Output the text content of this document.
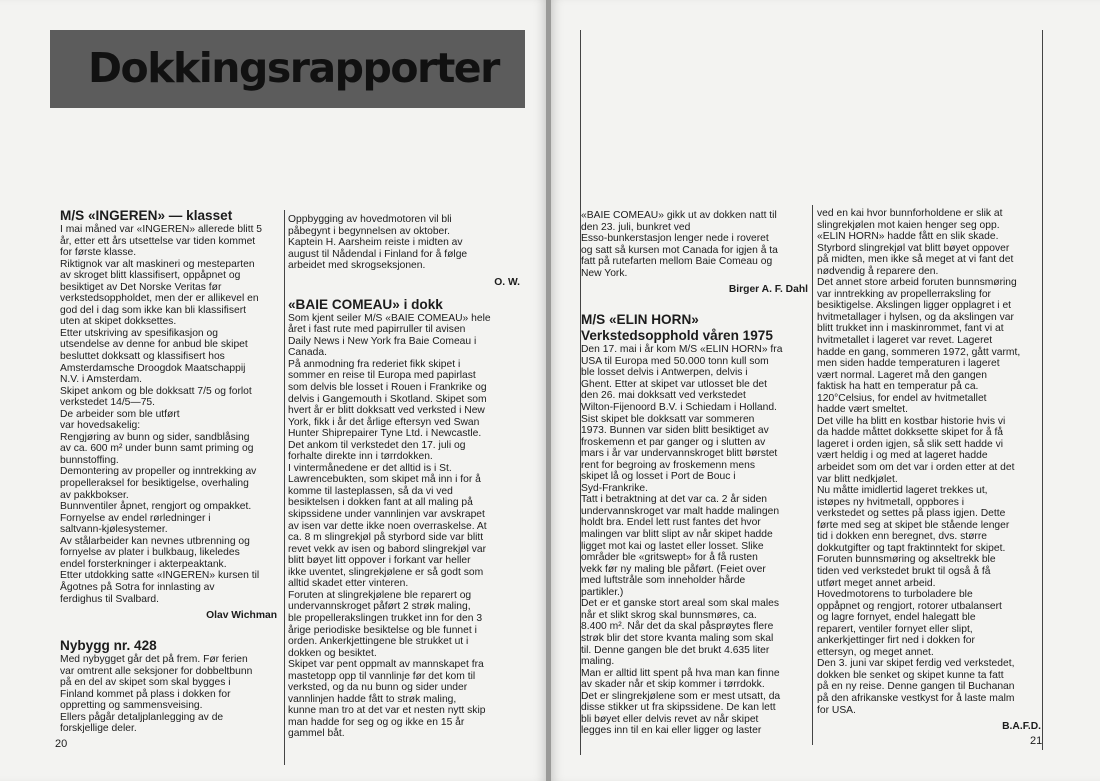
Dokkingsrapporter
M/S «INGEREN» — klasset

I mai måned var «INGEREN» allerede blitt 5
år, etter ett års utsettelse var tiden kommet
for første klasse.
Riktignok var alt maskineri og mesteparten
av skroget blitt klassifisert, oppåpnet og
besiktiget av Det Norske Veritas før
verkstedsoppholdet, men der er allikevel en
god del i dag som ikke kan bli klassifisert
uten at skipet dokksettes.
Etter utskriving av spesifikasjon og
utsendelse av denne for anbud ble skipet
besluttet dokksatt og klassifisert hos
Amsterdamsche Droogdok Maatschappij
N.V. i Amsterdam.
Skipet ankom og ble dokksatt 7/5 og forlot
verkstedet 14/5—75.
De arbeider som ble utført
var hovedsakelig:
Rengjøring av bunn og sider, sandblåsing
av ca. 600 m² under bunn samt priming og
bunnstoffing.
Demontering av propeller og inntrekking av
propelleraksel for besiktigelse, overhaling
av pakkbokser.
Bunnventiler åpnet, rengjort og ompakket.
Fornyelse av endel rørledninger i
saltvann-kjølesystemer.
Av stålarbeider kan nevnes utbrenning og
fornyelse av plater i bulkbaug, likeledes
endel forsterkninger i akterpeaktank.
Etter utdokking satte «INGEREN» kursen til
Ågotnes på Sotra for innlasting av
ferdighus til Svalbard.

Olav Wichman
Nybygg nr. 428

Med nybygget går det på frem. Før ferien
var omtrent alle seksjoner for dobbeltbunn
på en del av skipet som skal bygges i
Finland kommet på plass i dokken for
oppretting og sammensveising.
Ellers pågår detaljplanlegging av de
forskjellige deler.

Oppbygging av hovedmotoren vil bli
påbegynt i begynnelsen av oktober.
Kaptein H. Aarsheim reiste i midten av
august til Nådendal i Finland for å følge
arbeidet med skrogseksjonen.

O. W.
«BAIE COMEAU» i dokk

Som kjent seiler M/S «BAIE COMEAU» hele
året i fast rute med papirruller til avisen
Daily News i New York fra Baie Comeau i
Canada.
På anmodning fra rederiet fikk skipet i
sommer en reise til Europa med papirlast
som delvis ble losset i Rouen i Frankrike og
delvis i Gangemouth i Skotland. Skipet som
hvert år er blitt dokksatt ved verksted i New
York, fikk i år det årlige eftersyn ved Swan
Hunter Shiprepairer Tyne Ltd. i Newcastle.
Det ankom til verkstedet den 17. juli og
forhalte direkte inn i tørrdokken.
I vintermånedene er det alltid is i St.
Lawrencebukten, som skipet må inn i for å
komme til lasteplassen, så da vi ved
besiktelsen i dokken fant at all maling på
skipssidene under vannlinjen var avskrapet
av isen var dette ikke noen overraskelse. At
ca. 8 m slingrekjøl på styrbord side var blitt
revet vekk av isen og babord slingrekjøl var
blitt bøyet litt oppover i forkant var heller
ikke uventet, slingrekjølene er så godt som
alltid skadet etter vinteren.
Foruten at slingrekjølene ble reparert og
undervannskroget påført 2 strøk maling,
ble propellerakslingen trukket inn for den 3
årige periodiske besiktelse og ble funnet i
orden. Ankerkjettingene ble strukket ut i
dokken og besiktet.
Skipet var pent oppmalt av mannskapet fra
mastetopp opp til vannlinje før det kom til
verksted, og da nu bunn og sider under
vannlinjen hadde fått to strøk maling,
kunne man tro at det var et nesten nytt skip
man hadde for seg og og ikke en 15 år
gammel båt.

20

«BAIE COMEAU» gikk ut av dokken natt til
den 23. juli, bunkret ved
Esso-bunkerstasjon lenger nede i roveret
og satt så kursen mot Canada for igjen å ta
fatt på rutefarten mellom Baie Comeau og
New York.

Birger A. F. Dahl
M/S «ELIN HORN»
Verkstedsopphold våren 1975

Den 17. mai i år kom M/S «ELIN HORN» fra
USA til Europa med 50.000 tonn kull som
ble losset delvis i Antwerpen, delvis i
Ghent. Etter at skipet var utlosset ble det
den 26. mai dokksatt ved verkstedet
Wilton-Fijenoord B.V. i Schiedam i Holland.
Sist skipet ble dokksatt var sommeren
1973. Bunnen var siden blitt besiktiget av
froskemenn et par ganger og i slutten av
mars i år var undervannskroget blitt børstet
rent for begroing av froskemenn mens
skipet lå og losset i Port de Bouc i
Syd-Frankrike.
Tatt i betraktning at det var ca. 2 år siden
undervannskroget var malt hadde malingen
holdt bra. Endel lett rust fantes det hvor
malingen var blitt slipt av når skipet hadde
ligget mot kai og lastet eller losset. Slike
områder ble «gritswept» for å få rusten
vekk før ny maling ble påført. (Feiet over
med luftstråle som inneholder hårde
partikler.)
Det er et ganske stort areal som skal males
når et slikt skrog skal bunnsmøres, ca.
8.400 m². Når det da skal påsprøytes flere
strøk blir det store kvanta maling som skal
til. Denne gangen ble det brukt 4.635 liter
maling.
Man er alltid litt spent på hva man kan finne
av skader når et skip kommer i tørrdokk.
Det er slingrekjølene som er mest utsatt, da
disse stikker ut fra skipssidene. De kan lett
bli bøyet eller delvis revet av når skipet
legges inn til en kai eller ligger og laster

ved en kai hvor bunnforholdene er slik at
slingrekjølen mot kaien henger seg opp.
«ELIN HORN» hadde fått en slik skade.
Styrbord slingrekjøl vat blitt bøyet oppover
på midten, men ikke så meget at vi fant det
nødvendig å reparere den.
Det annet store arbeid foruten bunnsmøring
var inntrekking av propellerraksling for
besiktigelse. Akslingen ligger opplagret i et
hvitmetallager i hylsen, og da akslingen var
blitt trukket inn i maskinrommet, fant vi at
hvitmetallet i lageret var revet. Lageret
hadde en gang, sommeren 1972, gått varmt,
men siden hadde temperaturen i lageret
vært normal. Lageret må den gangen
faktisk ha hatt en temperatur på ca.
120°Celsius, for endel av hvitmetallet
hadde vært smeltet.
Det ville ha blitt en kostbar historie hvis vi
da hadde måttet dokksette skipet for å få
lageret i orden igjen, så slik sett hadde vi
vært heldig i og med at lageret hadde
arbeidet som om det var i orden etter at det
var blitt nedkjølet.
Nu måtte imidlertid lageret trekkes ut,
istøpes ny hvitmetall, oppbores i
verkstedet og settes på plass igjen. Dette
førte med seg at skipet ble stående lenger
tid i dokken enn beregnet, dvs. større
dokkutgifter og tapt fraktinntekt for skipet.
Foruten bunnsmøring og akseltrekk ble
tiden ved verkstedet brukt til også å få
utført meget annet arbeid.
Hovedmotorens to turboladere ble
oppåpnet og rengjort, rotorer utbalansert
og lagre fornyet, endel halegatt ble
reparert, ventiler fornyet eller slipt,
ankerkjettinger firt ned i dokken for
ettersyn, og meget annet.
Den 3. juni var skipet ferdig ved verkstedet,
dokken ble senket og skipet kunne ta fatt
på en ny reise. Denne gangen til Buchanan
på den afrikanske vestkyst for å laste malm
for USA.

B.A.F.D.
21
